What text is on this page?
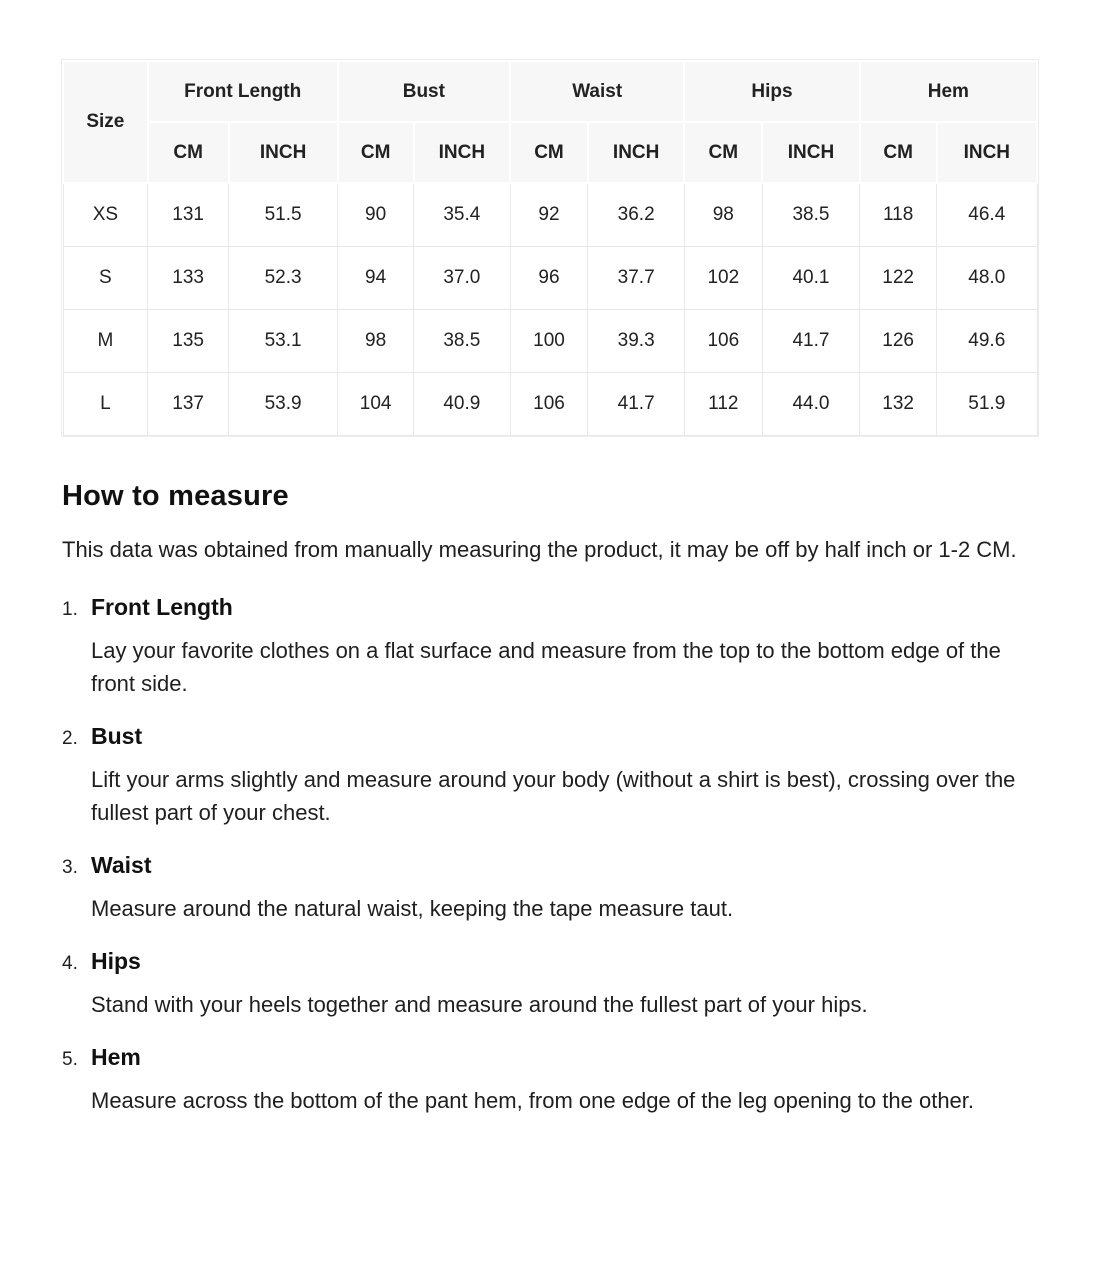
Size	Front Length		Bust		Waist		Hips		Hem	
	CM	INCH	CM	INCH	CM	INCH	CM	INCH	CM	INCH
XS	131	51.5	90	35.4	92	36.2	98	38.5	118	46.4
S	133	52.3	94	37.0	96	37.7	102	40.1	122	48.0
M	135	53.1	98	38.5	100	39.3	106	41.7	126	49.6
L	137	53.9	104	40.9	106	41.7	112	44.0	132	51.9
How to measure

This data was obtained from manually measuring the product, it may be off by half inch or 1-2 CM.

1. Front Length
Lay your favorite clothes on a flat surface and measure from the top to the bottom edge of the front side.
2. Bust
Lift your arms slightly and measure around your body (without a shirt is best), crossing over the fullest part of your chest.
3. Waist
Measure around the natural waist, keeping the tape measure taut.
4. Hips
Stand with your heels together and measure around the fullest part of your hips.
5. Hem
Measure across the bottom of the pant hem, from one edge of the leg opening to the other.
